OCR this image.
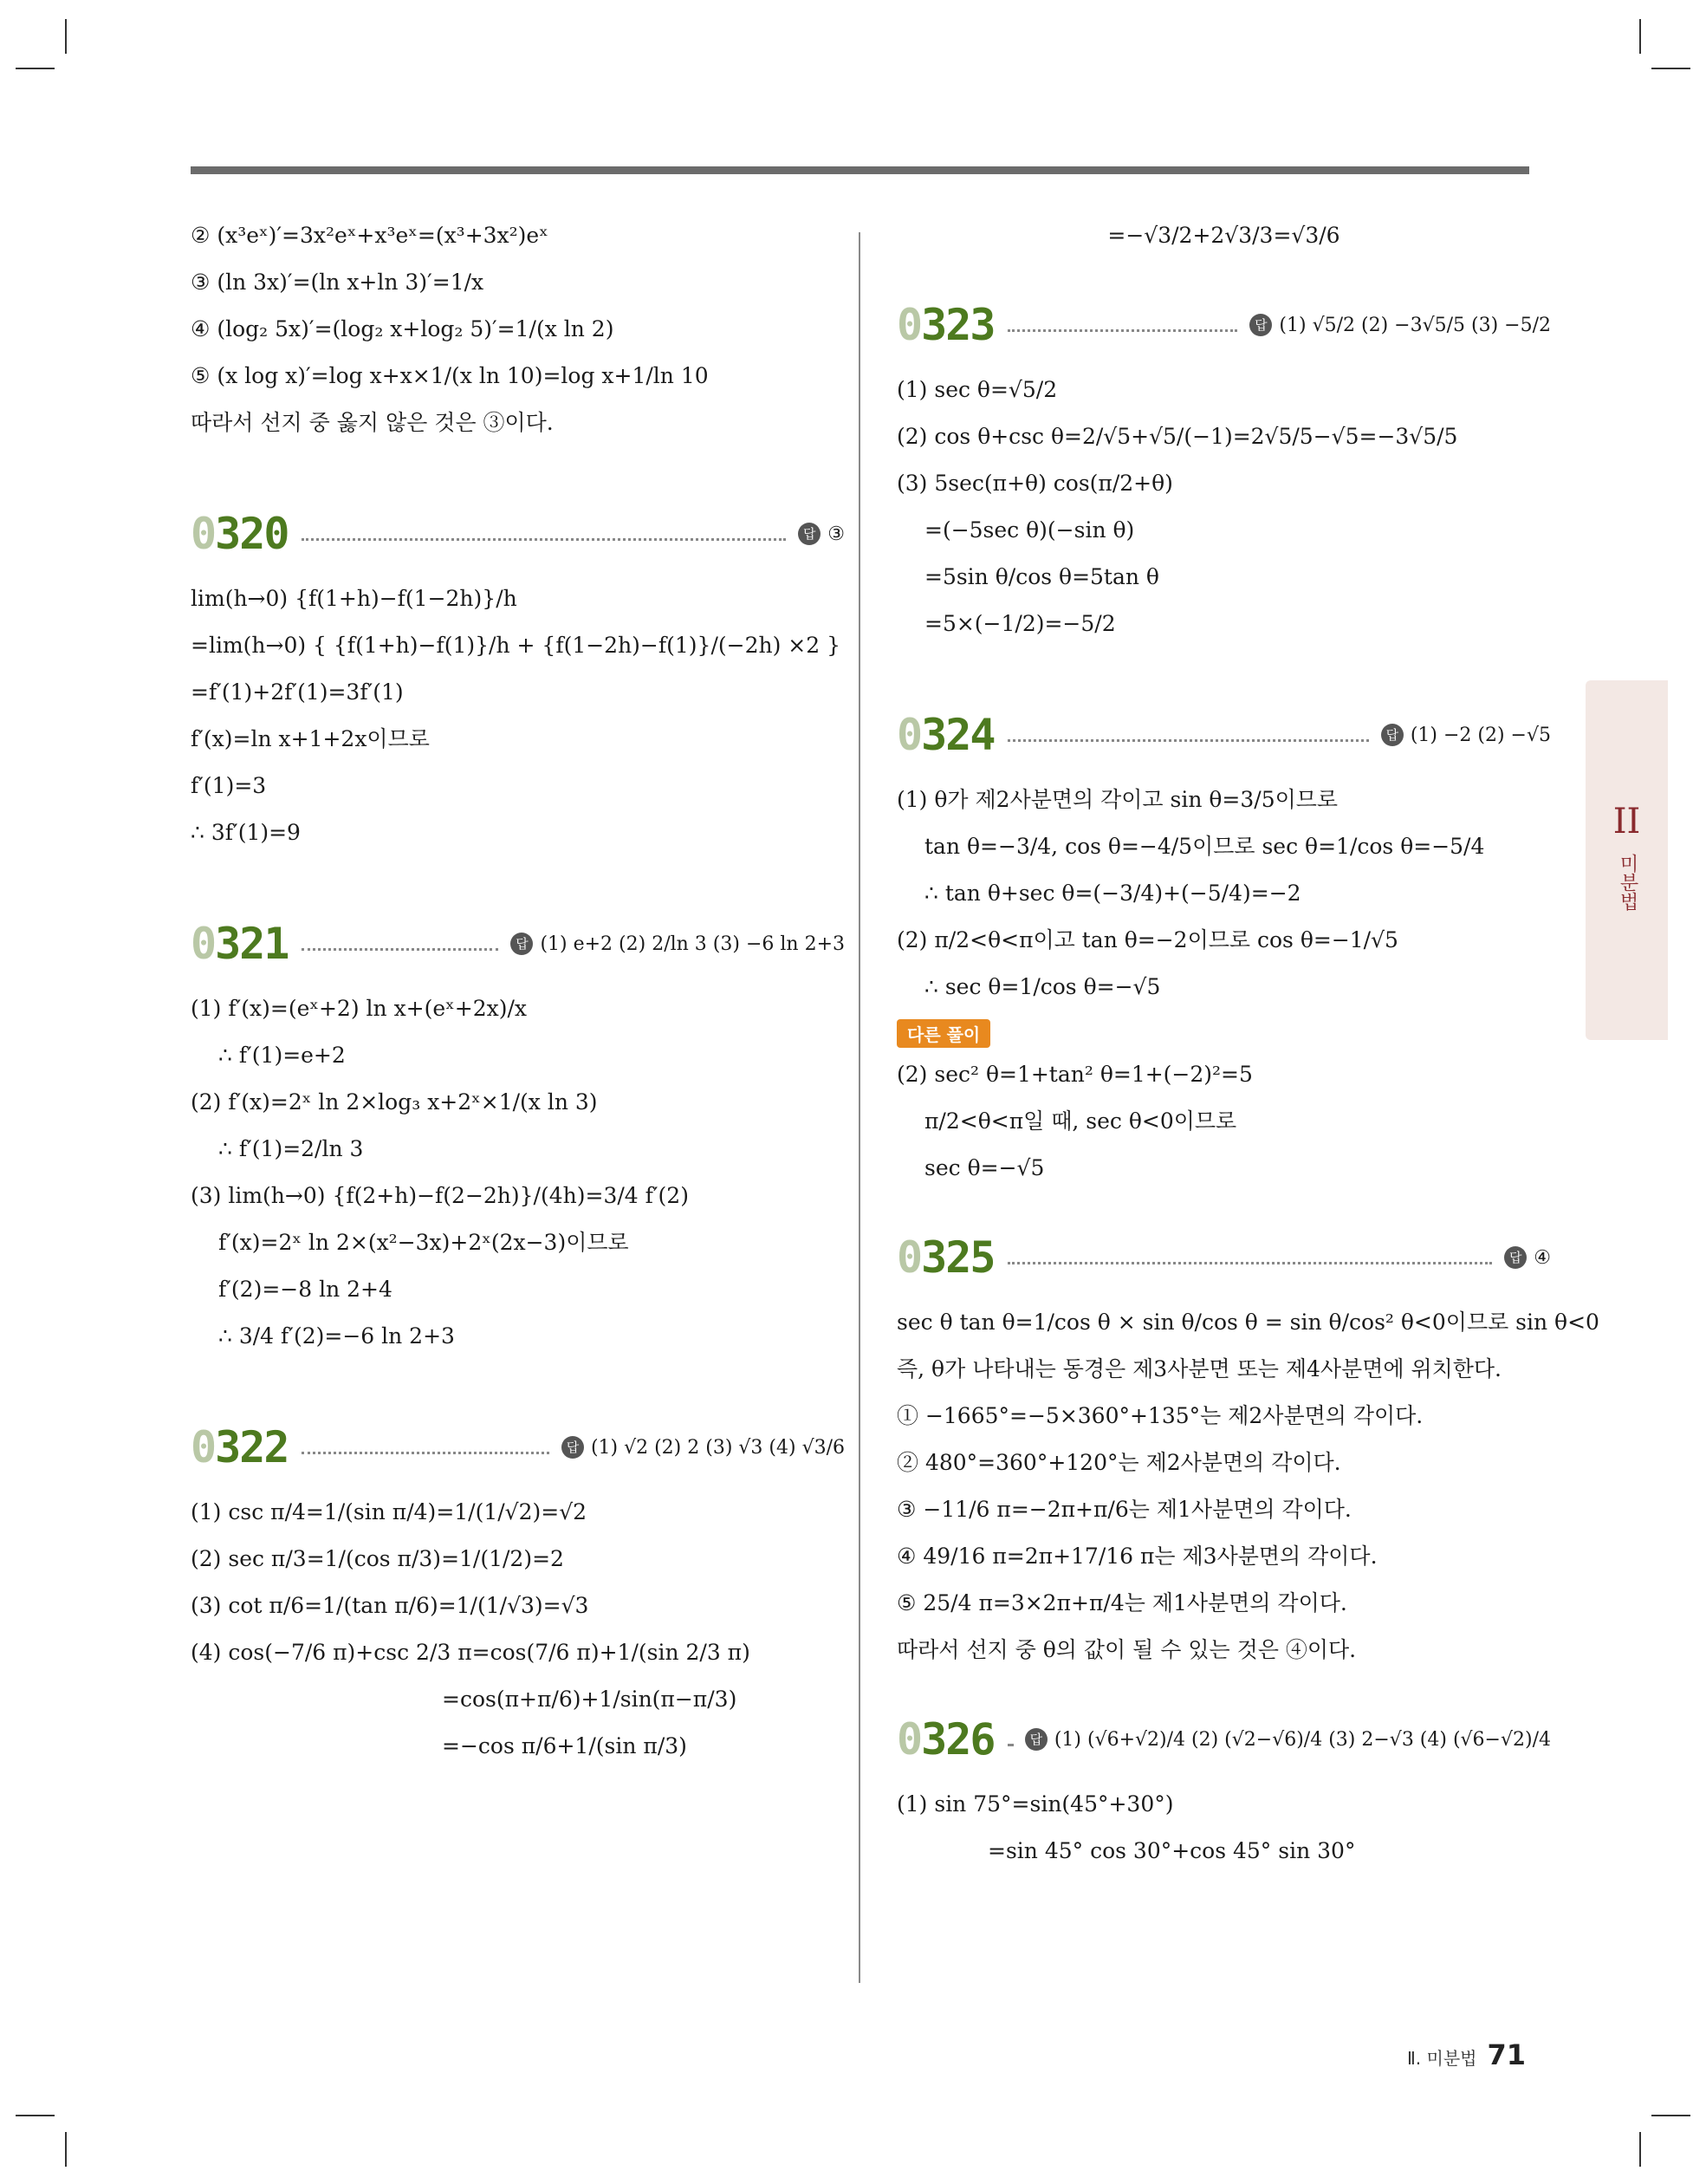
② (x³eˣ)′=3x²eˣ+x³eˣ=(x³+3x²)eˣ
③ (ln 3x)′=(ln x+ln 3)′=1/x
④ (log₂ 5x)′=(log₂ x+log₂ 5)′=1/(x ln 2)
⑤ (x log x)′=log x+x×1/(x ln 10)=log x+1/ln 10
따라서 선지 중 옳지 않은 것은 ③이다.
0320	답 ③
lim(h→0) {f(1+h)−f(1−2h)}/h
=lim(h→0) { {f(1+h)−f(1)}/h + {f(1−2h)−f(1)}/(−2h) ×2 }
=f′(1)+2f′(1)=3f′(1)
f′(x)=ln x+1+2x이므로
f′(1)=3
∴ 3f′(1)=9
0321	답 (1) e+2 (2) 2/ln 3 (3) −6 ln 2+3
(1) f′(x)=(eˣ+2) ln x+(eˣ+2x)/x
∴ f′(1)=e+2
(2) f′(x)=2ˣ ln 2×log₃ x+2ˣ×1/(x ln 3)
∴ f′(1)=2/ln 3
(3) lim(h→0) {f(2+h)−f(2−2h)}/(4h)=3/4 f′(2)
f′(x)=2ˣ ln 2×(x²−3x)+2ˣ(2x−3)이므로
f′(2)=−8 ln 2+4
∴ 3/4 f′(2)=−6 ln 2+3
0322	답 (1) √2 (2) 2 (3) √3 (4) √3/6
(1) csc π/4=1/(sin π/4)=1/(1/√2)=√2
(2) sec π/3=1/(cos π/3)=1/(1/2)=2
(3) cot π/6=1/(tan π/6)=1/(1/√3)=√3
(4) cos(−7/6 π)+csc 2/3 π=cos(7/6 π)+1/(sin 2/3 π)
=cos(π+π/6)+1/sin(π−π/3)
=−cos π/6+1/(sin π/3)
=−√3/2+2√3/3=√3/6
0323	답 (1) √5/2 (2) −3√5/5 (3) −5/2
(1) sec θ=√5/2
(2) cos θ+csc θ=2/√5+√5/(−1)=2√5/5−√5=−3√5/5
(3) 5sec(π+θ) cos(π/2+θ)
=(−5sec θ)(−sin θ)
=5sin θ/cos θ=5tan θ
=5×(−1/2)=−5/2
0324	답 (1) −2 (2) −√5
(1) θ가 제2사분면의 각이고 sin θ=3/5이므로
tan θ=−3/4, cos θ=−4/5이므로 sec θ=1/cos θ=−5/4
∴ tan θ+sec θ=(−3/4)+(−5/4)=−2
(2) π/2<θ<π이고 tan θ=−2이므로 cos θ=−1/√5
∴ sec θ=1/cos θ=−√5
다른 풀이
(2) sec² θ=1+tan² θ=1+(−2)²=5
π/2<θ<π일 때, sec θ<0이므로
sec θ=−√5
0325	답 ④
sec θ tan θ=1/cos θ × sin θ/cos θ = sin θ/cos² θ<0이므로 sin θ<0
즉, θ가 나타내는 동경은 제3사분면 또는 제4사분면에 위치한다.
① −1665°=−5×360°+135°는 제2사분면의 각이다.
② 480°=360°+120°는 제2사분면의 각이다.
③ −11/6 π=−2π+π/6는 제1사분면의 각이다.
④ 49/16 π=2π+17/16 π는 제3사분면의 각이다.
⑤ 25/4 π=3×2π+π/4는 제1사분면의 각이다.
따라서 선지 중 θ의 값이 될 수 있는 것은 ④이다.
0326	답 (1) (√6+√2)/4 (2) (√2−√6)/4 (3) 2−√3 (4) (√6−√2)/4
(1) sin 75°=sin(45°+30°)
=sin 45° cos 30°+cos 45° sin 30°
II
미분법
Ⅱ. 미분법 71
